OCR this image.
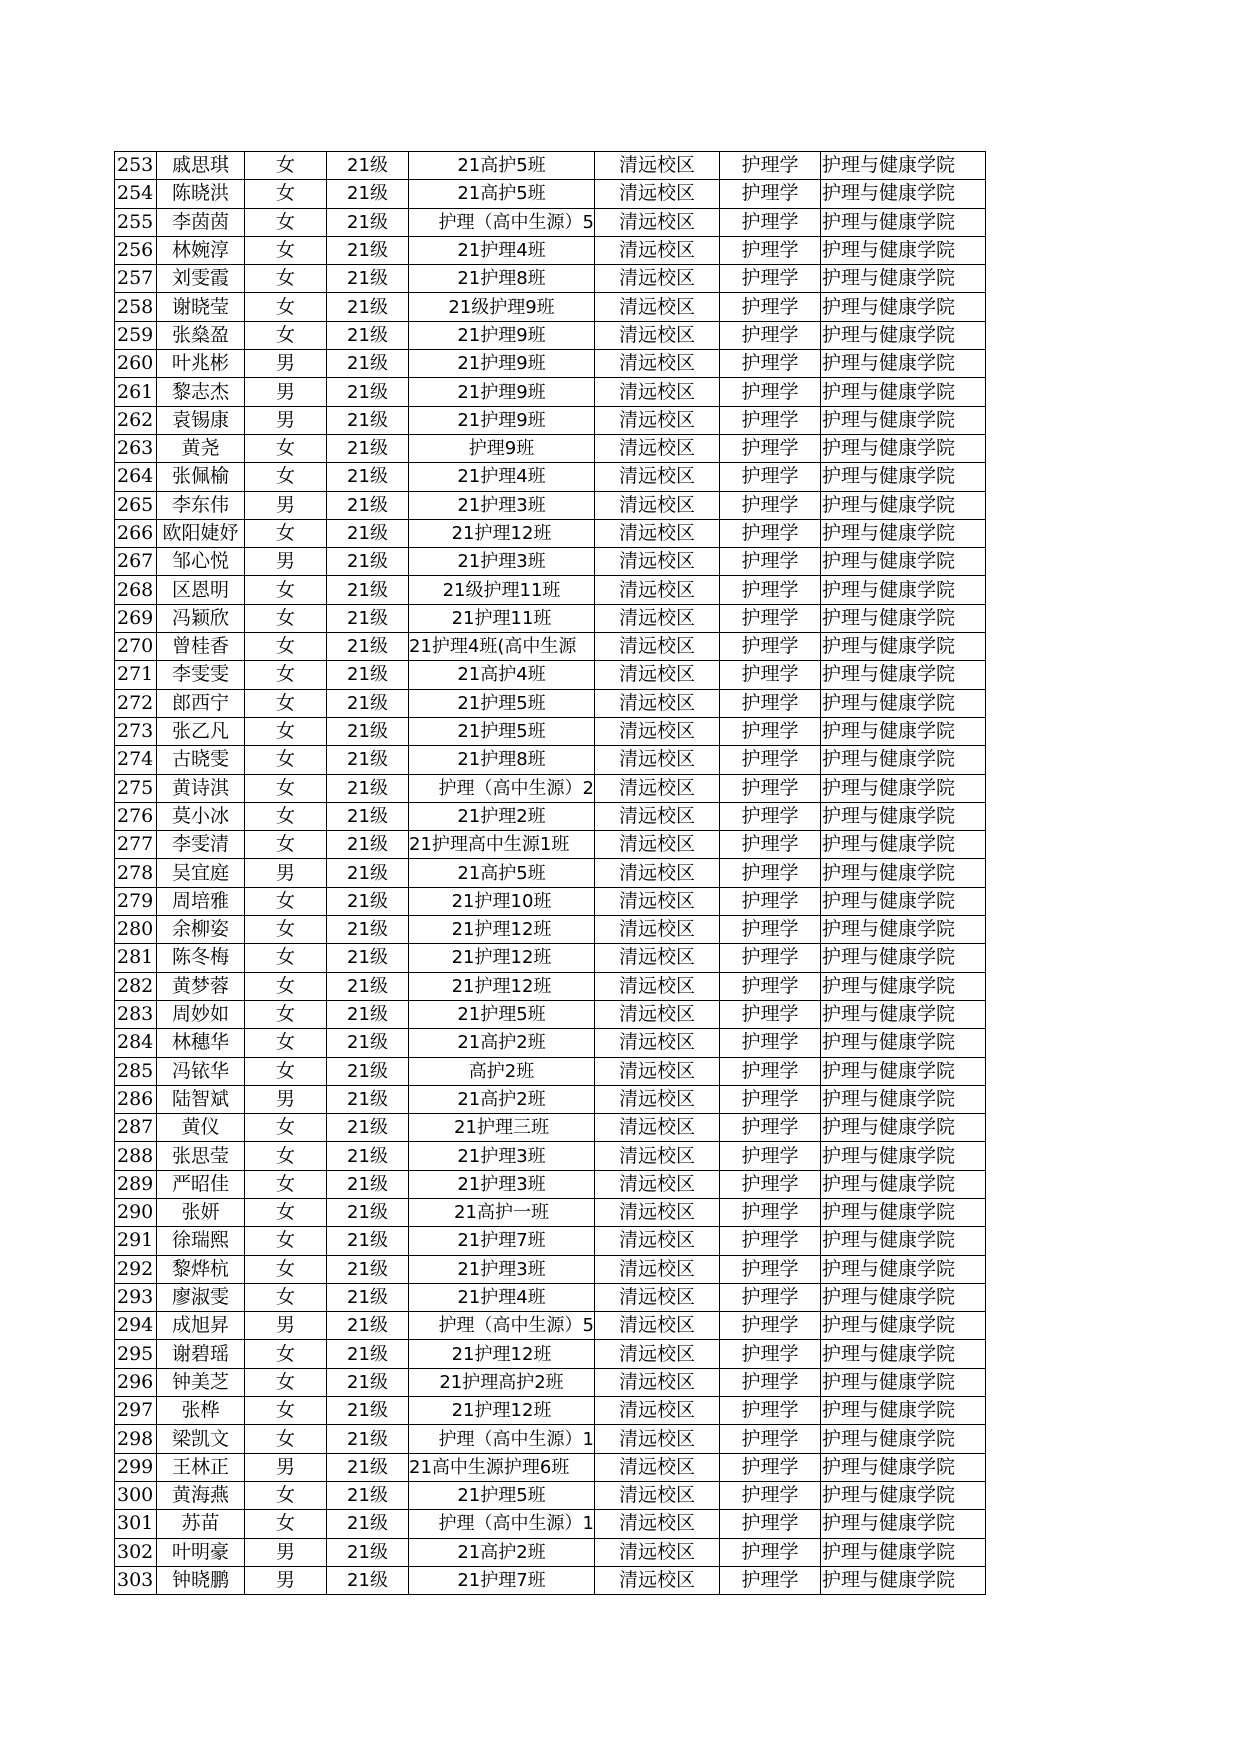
253	戚思琪	女	21级	21高护5班	清远校区	护理学	护理与健康学院
254	陈晓洪	女	21级	21高护5班	清远校区	护理学	护理与健康学院
255	李茵茵	女	21级	护理（高中生源）5	清远校区	护理学	护理与健康学院
256	林婉淳	女	21级	21护理4班	清远校区	护理学	护理与健康学院
257	刘雯霞	女	21级	21护理8班	清远校区	护理学	护理与健康学院
258	谢晓莹	女	21级	21级护理9班	清远校区	护理学	护理与健康学院
259	张燊盈	女	21级	21护理9班	清远校区	护理学	护理与健康学院
260	叶兆彬	男	21级	21护理9班	清远校区	护理学	护理与健康学院
261	黎志杰	男	21级	21护理9班	清远校区	护理学	护理与健康学院
262	袁锡康	男	21级	21护理9班	清远校区	护理学	护理与健康学院
263	黄尧	女	21级	护理9班	清远校区	护理学	护理与健康学院
264	张佩榆	女	21级	21护理4班	清远校区	护理学	护理与健康学院
265	李东伟	男	21级	21护理3班	清远校区	护理学	护理与健康学院
266	欧阳婕妤	女	21级	21护理12班	清远校区	护理学	护理与健康学院
267	邹心悦	男	21级	21护理3班	清远校区	护理学	护理与健康学院
268	区恩明	女	21级	21级护理11班	清远校区	护理学	护理与健康学院
269	冯颖欣	女	21级	21护理11班	清远校区	护理学	护理与健康学院
270	曾桂香	女	21级	21护理4班(高中生源	清远校区	护理学	护理与健康学院
271	李雯雯	女	21级	21高护4班	清远校区	护理学	护理与健康学院
272	郎西宁	女	21级	21护理5班	清远校区	护理学	护理与健康学院
273	张乙凡	女	21级	21护理5班	清远校区	护理学	护理与健康学院
274	古晓雯	女	21级	21护理8班	清远校区	护理学	护理与健康学院
275	黄诗淇	女	21级	护理（高中生源）2	清远校区	护理学	护理与健康学院
276	莫小冰	女	21级	21护理2班	清远校区	护理学	护理与健康学院
277	李雯清	女	21级	21护理高中生源1班	清远校区	护理学	护理与健康学院
278	吴宜庭	男	21级	21高护5班	清远校区	护理学	护理与健康学院
279	周培雅	女	21级	21护理10班	清远校区	护理学	护理与健康学院
280	余柳姿	女	21级	21护理12班	清远校区	护理学	护理与健康学院
281	陈冬梅	女	21级	21护理12班	清远校区	护理学	护理与健康学院
282	黄梦蓉	女	21级	21护理12班	清远校区	护理学	护理与健康学院
283	周妙如	女	21级	21护理5班	清远校区	护理学	护理与健康学院
284	林穗华	女	21级	21高护2班	清远校区	护理学	护理与健康学院
285	冯铱华	女	21级	高护2班	清远校区	护理学	护理与健康学院
286	陆智斌	男	21级	21高护2班	清远校区	护理学	护理与健康学院
287	黄仪	女	21级	21护理三班	清远校区	护理学	护理与健康学院
288	张思莹	女	21级	21护理3班	清远校区	护理学	护理与健康学院
289	严昭佳	女	21级	21护理3班	清远校区	护理学	护理与健康学院
290	张妍	女	21级	21高护一班	清远校区	护理学	护理与健康学院
291	徐瑞熙	女	21级	21护理7班	清远校区	护理学	护理与健康学院
292	黎烨杭	女	21级	21护理3班	清远校区	护理学	护理与健康学院
293	廖淑雯	女	21级	21护理4班	清远校区	护理学	护理与健康学院
294	成旭昇	男	21级	护理（高中生源）5	清远校区	护理学	护理与健康学院
295	谢碧瑶	女	21级	21护理12班	清远校区	护理学	护理与健康学院
296	钟美芝	女	21级	21护理高护2班	清远校区	护理学	护理与健康学院
297	张桦	女	21级	21护理12班	清远校区	护理学	护理与健康学院
298	梁凯文	女	21级	护理（高中生源）1	清远校区	护理学	护理与健康学院
299	王林正	男	21级	21高中生源护理6班	清远校区	护理学	护理与健康学院
300	黄海燕	女	21级	21护理5班	清远校区	护理学	护理与健康学院
301	苏苗	女	21级	护理（高中生源）1	清远校区	护理学	护理与健康学院
302	叶明豪	男	21级	21高护2班	清远校区	护理学	护理与健康学院
303	钟晓鹏	男	21级	21护理7班	清远校区	护理学	护理与健康学院
